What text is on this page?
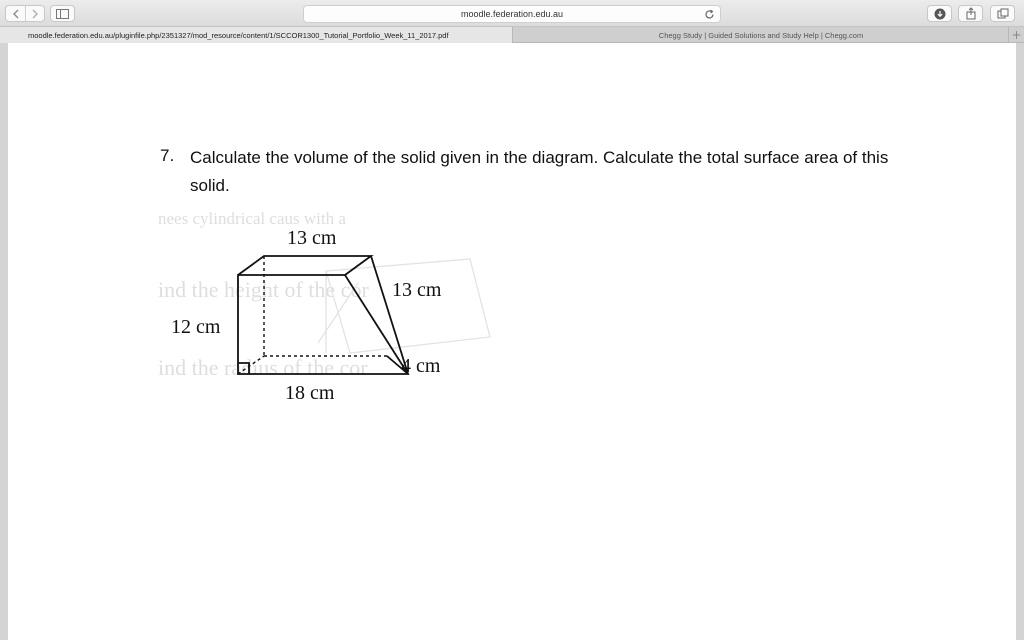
moodle.federation.edu.au
moodle.federation.edu.au/pluginfile.php/2351327/mod_resource/content/1/SCCOR1300_Tutorial_Portfolio_Week_11_2017.pdf	Chegg Study | Guided Solutions and Study Help | Chegg.com	+
7. Calculate the volume of the solid given in the diagram. Calculate the total surface area of this solid.
nees cylindrical caus with a
ind the height of the cor
ind the radius of the cor
13 cm
13 cm
12 cm
4 cm
18 cm
